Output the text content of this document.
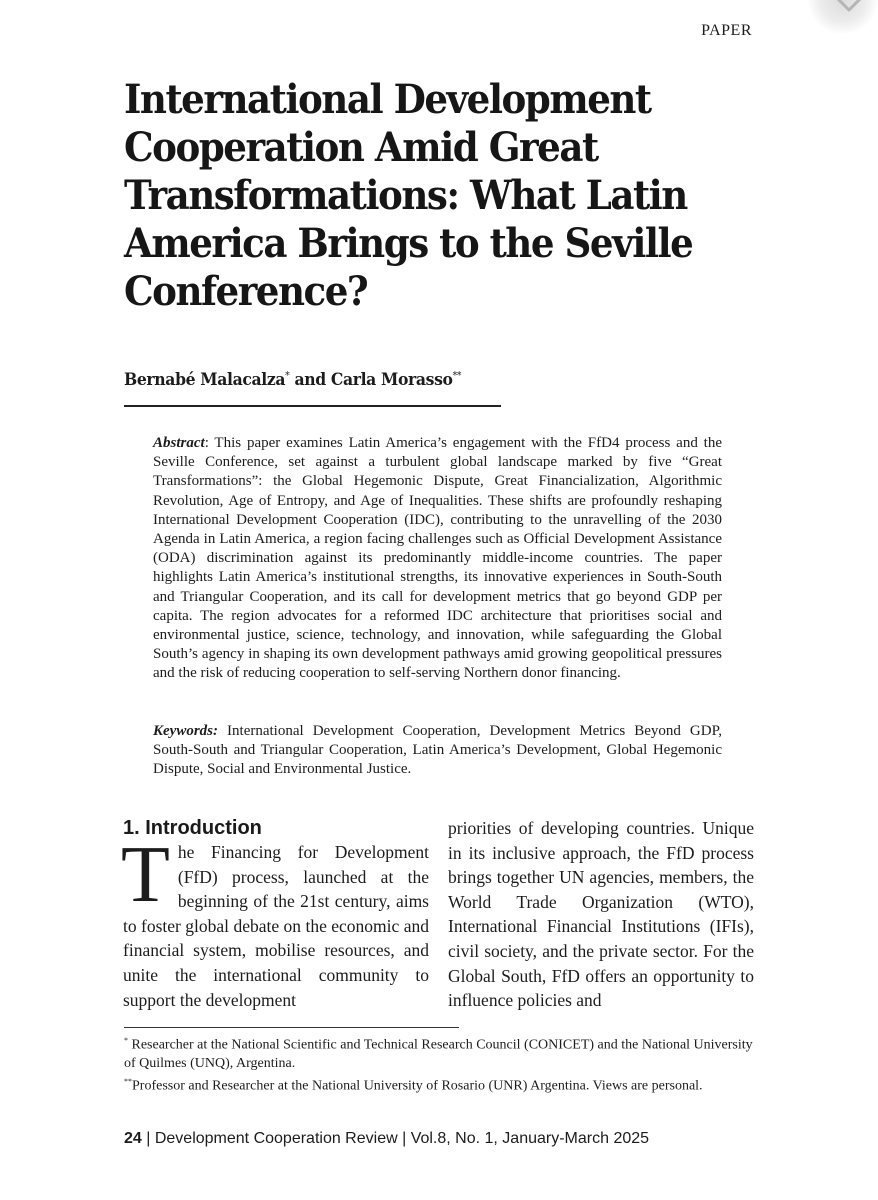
PAPER
International Development Cooperation Amid Great Transformations: What Latin America Brings to the Seville Conference?
Bernabé Malacalza* and Carla Morasso**

Abstract: This paper examines Latin America’s engagement with the FfD4 process and the Seville Conference, set against a turbulent global landscape marked by five “Great Transformations”: the Global Hegemonic Dispute, Great Financialization, Algorithmic Revolution, Age of Entropy, and Age of Inequalities. These shifts are profoundly reshaping International Development Cooperation (IDC), contributing to the unravelling of the 2030 Agenda in Latin America, a region facing challenges such as Official Development Assistance (ODA) discrimination against its predominantly middle-income countries. The paper highlights Latin America’s institutional strengths, its innovative experiences in South-South and Triangular Cooperation, and its call for development metrics that go beyond GDP per capita. The region advocates for a reformed IDC architecture that prioritises social and environmental justice, science, technology, and innovation, while safeguarding the Global South’s agency in shaping its own development pathways amid growing geopolitical pressures and the risk of reducing cooperation to self-serving Northern donor financing.

Keywords: International Development Cooperation, Development Metrics Beyond GDP, South-South and Triangular Cooperation, Latin America’s Development, Global Hegemonic Dispute, Social and Environmental Justice.

1. Introduction

The Financing for Development (FfD) process, launched at the beginning of the 21st century, aims to foster global debate on the economic and financial system, mobilise resources, and unite the international community to support the development

priorities of developing countries. Unique in its inclusive approach, the FfD process brings together UN agencies, members, the World Trade Organization (WTO), International Financial Institutions (IFIs), civil society, and the private sector. For the Global South, FfD offers an opportunity to influence policies and

* Researcher at the National Scientific and Technical Research Council (CONICET) and the National University of Quilmes (UNQ), Argentina.

**Professor and Researcher at the National University of Rosario (UNR) Argentina. Views are personal.

24 | Development Cooperation Review | Vol.8, No. 1, January-March 2025
